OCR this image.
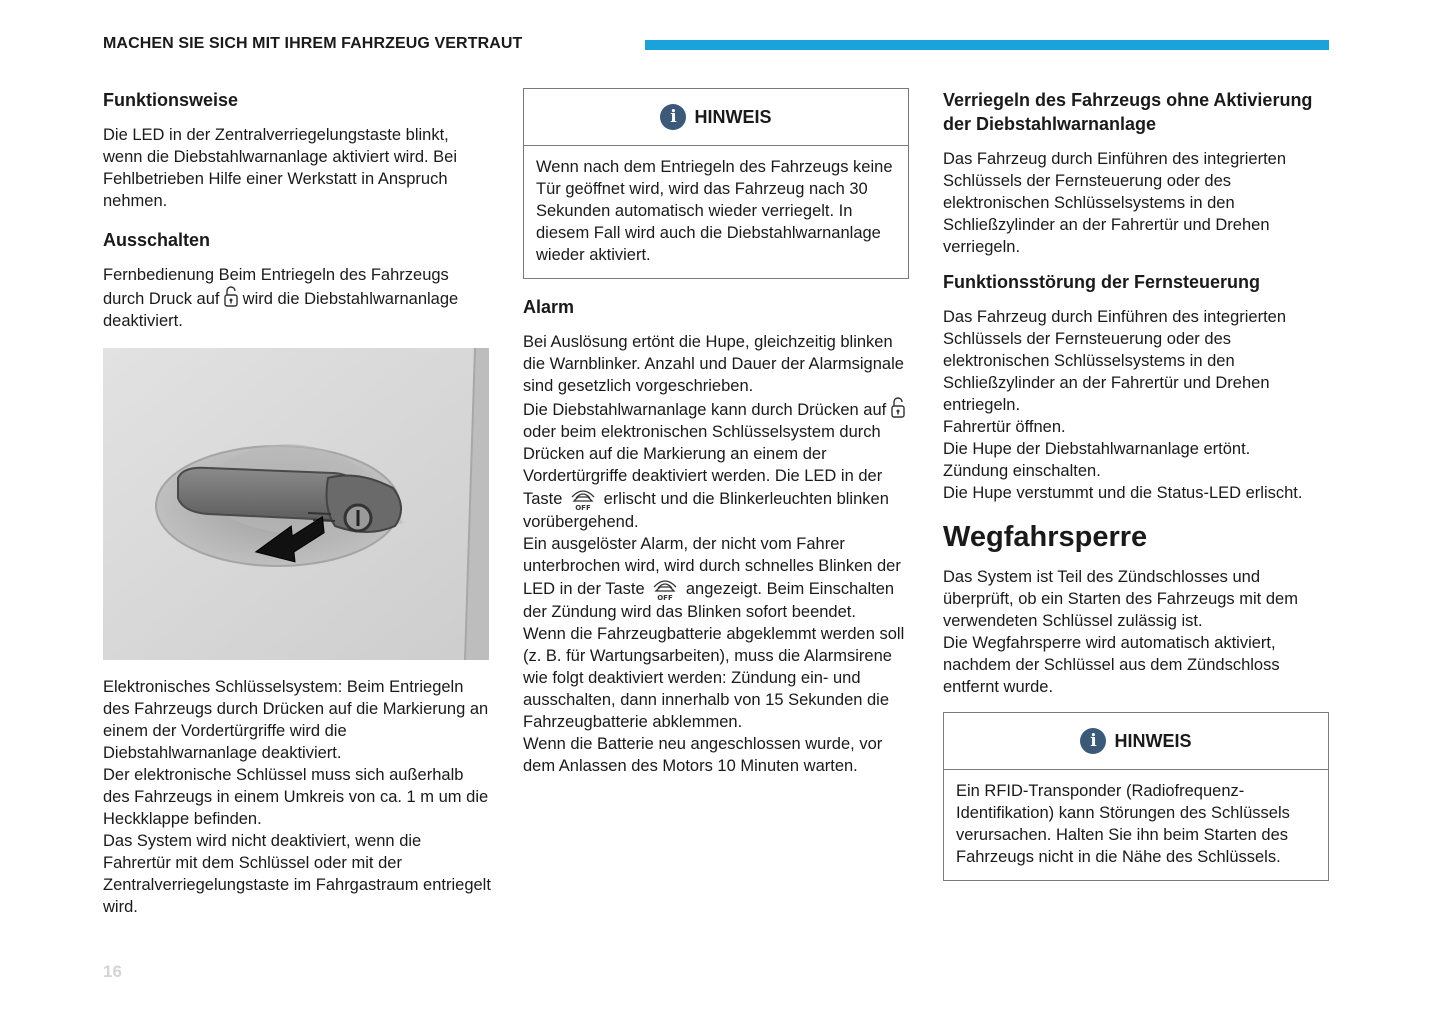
MACHEN SIE SICH MIT IHREM FAHRZEUG VERTRAUT
Funktionsweise

Die LED in der Zentralverriegelungstaste blinkt, wenn die Diebstahlwarnanlage aktiviert wird. Bei Fehlbetrieben Hilfe einer Werkstatt in Anspruch nehmen.

Ausschalten

Fernbedienung Beim Entriegeln des Fahrzeugs durch Druck auf wird die Diebstahlwarnanlage deaktiviert.

Elektronisches Schlüsselsystem: Beim Entriegeln des Fahrzeugs durch Drücken auf die Markierung an einem der Vordertürgriffe wird die Diebstahlwarnanlage deaktiviert.

Der elektronische Schlüssel muss sich außerhalb des Fahrzeugs in einem Umkreis von ca. 1 m um die Heckklappe befinden.

Das System wird nicht deaktiviert, wenn die Fahrertür mit dem Schlüssel oder mit der Zentralverriegelungstaste im Fahrgastraum entriegelt wird.

i HINWEIS
Wenn nach dem Entriegeln des Fahrzeugs keine Tür geöffnet wird, wird das Fahrzeug nach 30 Sekunden automatisch wieder verriegelt. In diesem Fall wird auch die Diebstahlwarnanlage wieder aktiviert.
Alarm

Bei Auslösung ertönt die Hupe, gleichzeitig blinken die Warnblinker. Anzahl und Dauer der Alarmsignale sind gesetzlich vorgeschrieben.

Die Diebstahlwarnanlage kann durch Drücken auf  oder beim elektronischen Schlüsselsystem durch Drücken auf die Markierung an einem der Vordertürgriffe deaktiviert werden. Die LED in der Taste OFF erlischt und die Blinkerleuchten blinken vorübergehend.

Ein ausgelöster Alarm, der nicht vom Fahrer unterbrochen wird, wird durch schnelles Blinken der LED in der Taste OFF angezeigt. Beim Einschalten der Zündung wird das Blinken sofort beendet.

Wenn die Fahrzeugbatterie abgeklemmt werden soll (z. B. für Wartungsarbeiten), muss die Alarmsirene wie folgt deaktiviert werden: Zündung ein- und ausschalten, dann innerhalb von 15 Sekunden die Fahrzeugbatterie abklemmen.

Wenn die Batterie neu angeschlossen wurde, vor dem Anlassen des Motors 10 Minuten warten.

Verriegeln des Fahrzeugs ohne Aktivierung der Diebstahlwarnanlage

Das Fahrzeug durch Einführen des integrierten Schlüssels der Fernsteuerung oder des elektronischen Schlüsselsystems in den Schließzylinder an der Fahrertür und Drehen verriegeln.

Funktionsstörung der Fernsteuerung

Das Fahrzeug durch Einführen des integrierten Schlüssels der Fernsteuerung oder des elektronischen Schlüsselsystems in den Schließzylinder an der Fahrertür und Drehen entriegeln.

Fahrertür öffnen.

Die Hupe der Diebstahlwarnanlage ertönt.

Zündung einschalten.

Die Hupe verstummt und die Status-LED erlischt.

Wegfahrsperre

Das System ist Teil des Zündschlosses und überprüft, ob ein Starten des Fahrzeugs mit dem verwendeten Schlüssel zulässig ist.

Die Wegfahrsperre wird automatisch aktiviert, nachdem der Schlüssel aus dem Zündschloss entfernt wurde.

i HINWEIS
Ein RFID-Transponder (Radiofrequenz-Identifikation) kann Störungen des Schlüssels verursachen. Halten Sie ihn beim Starten des Fahrzeugs nicht in die Nähe des Schlüssels.
16
